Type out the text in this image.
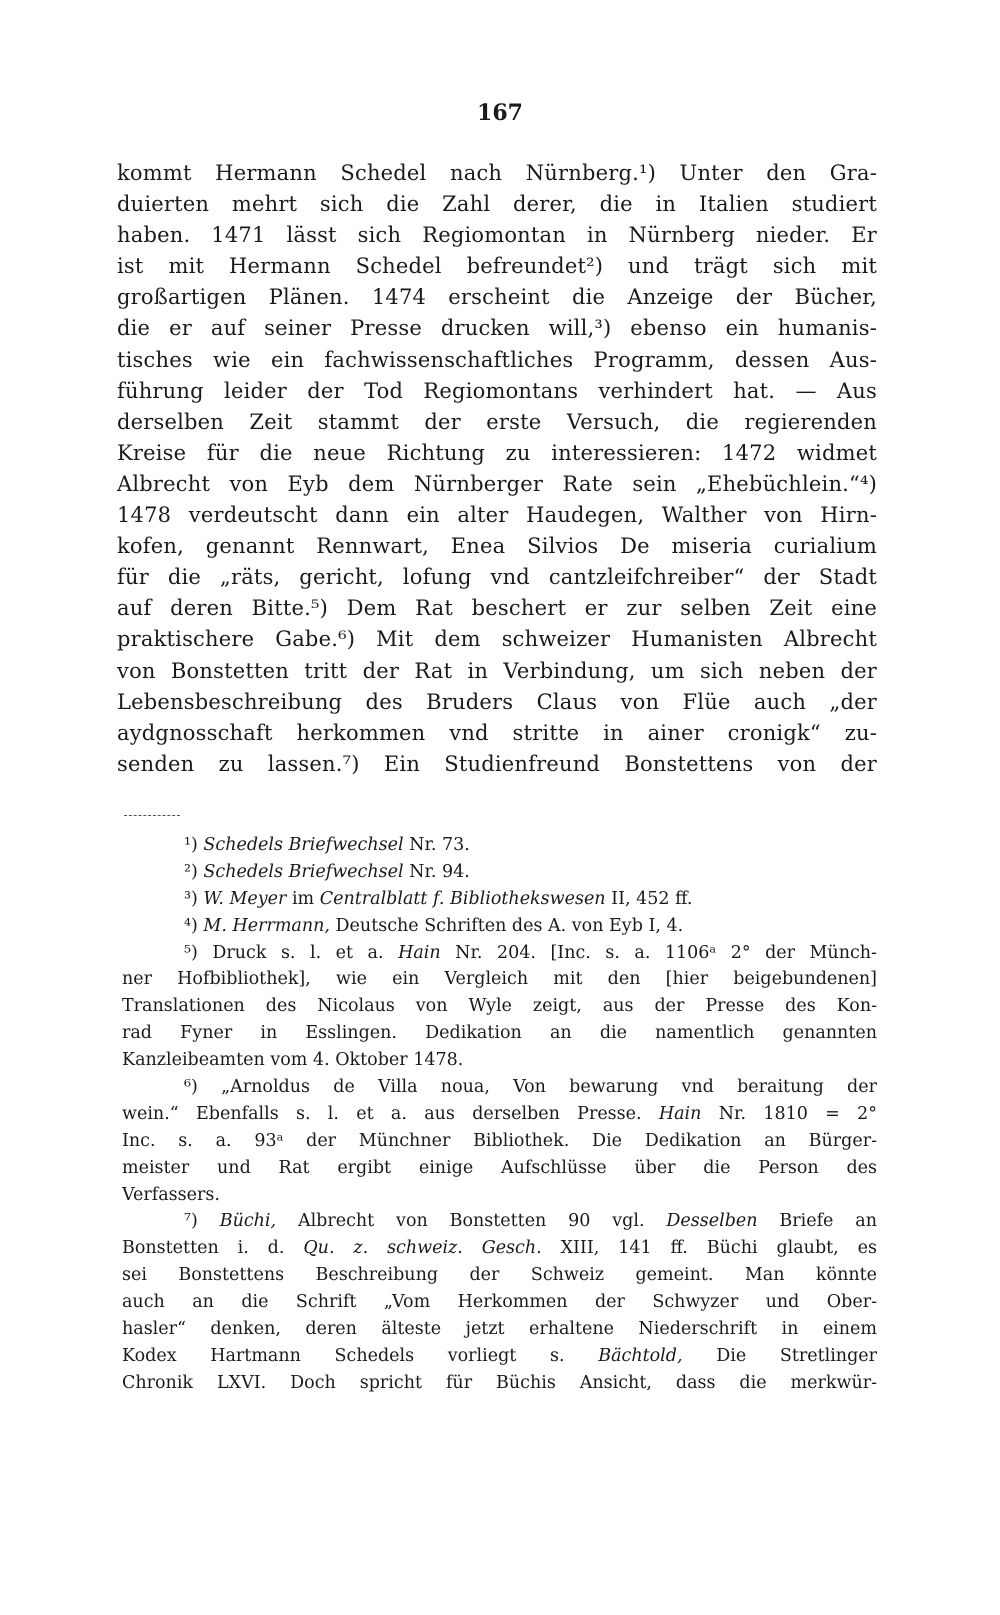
167
kommt Hermann Schedel nach Nürnberg.¹) Unter den Gra-
duierten mehrt sich die Zahl derer, die in Italien studiert
haben. 1471 lässt sich Regiomontan in Nürnberg nieder. Er
ist mit Hermann Schedel befreundet²) und trägt sich mit
großartigen Plänen. 1474 erscheint die Anzeige der Bücher,
die er auf seiner Presse drucken will,³) ebenso ein humanis-
tisches wie ein fachwissenschaftliches Programm, dessen Aus-
führung leider der Tod Regiomontans verhindert hat. — Aus
derselben Zeit stammt der erste Versuch, die regierenden
Kreise für die neue Richtung zu interessieren: 1472 widmet
Albrecht von Eyb dem Nürnberger Rate sein „Ehebüchlein.“⁴)
1478 verdeutscht dann ein alter Haudegen, Walther von Hirn-
kofen, genannt Rennwart, Enea Silvios De miseria curialium
für die „räts, gericht, lofung vnd cantzleifchreiber“ der Stadt
auf deren Bitte.⁵) Dem Rat beschert er zur selben Zeit eine
praktischere Gabe.⁶) Mit dem schweizer Humanisten Albrecht
von Bonstetten tritt der Rat in Verbindung, um sich neben der
Lebensbeschreibung des Bruders Claus von Flüe auch „der
aydgnosschaft herkommen vnd stritte in ainer cronigk“ zu-
senden zu lassen.⁷) Ein Studienfreund Bonstettens von der
¹) Schedels Briefwechsel Nr. 73.
²) Schedels Briefwechsel Nr. 94.
³) W. Meyer im Centralblatt f. Bibliothekswesen II, 452 ff.
⁴) M. Herrmann, Deutsche Schriften des A. von Eyb I, 4.
⁵) Druck s. l. et a. Hain Nr. 204. [Inc. s. a. 1106ᵃ 2° der Münch-
ner Hofbibliothek], wie ein Vergleich mit den [hier beigebundenen]
Translationen des Nicolaus von Wyle zeigt, aus der Presse des Kon-
rad Fyner in Esslingen. Dedikation an die namentlich genannten
Kanzleibeamten vom 4. Oktober 1478.
⁶) „Arnoldus de Villa noua, Von bewarung vnd beraitung der
wein.“ Ebenfalls s. l. et a. aus derselben Presse. Hain Nr. 1810 = 2°
Inc. s. a. 93ᵃ der Münchner Bibliothek. Die Dedikation an Bürger-
meister und Rat ergibt einige Aufschlüsse über die Person des
Verfassers.
⁷) Büchi, Albrecht von Bonstetten 90 vgl. Desselben Briefe an
Bonstetten i. d. Qu. z. schweiz. Gesch. XIII, 141 ff. Büchi glaubt, es
sei Bonstettens Beschreibung der Schweiz gemeint. Man könnte
auch an die Schrift „Vom Herkommen der Schwyzer und Ober-
hasler“ denken, deren älteste jetzt erhaltene Niederschrift in einem
Kodex Hartmann Schedels vorliegt s. Bächtold, Die Stretlinger
Chronik LXVI. Doch spricht für Büchis Ansicht, dass die merkwür-
